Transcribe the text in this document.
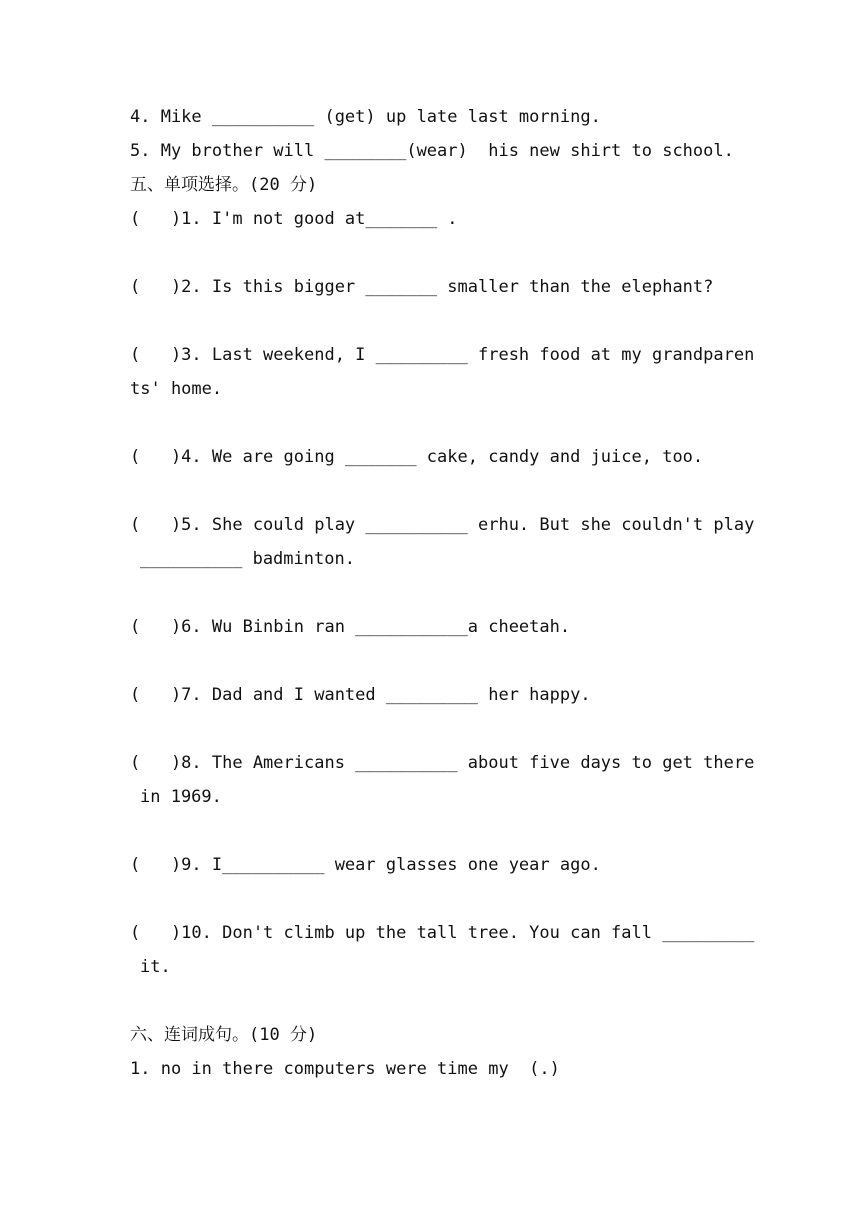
4. Mike __________ (get) up late last morning.
5. My brother will ________(wear)  his new shirt to school.
五、单项选择。(20 分)
(   )1. I'm not good at_______ .

(   )2. Is this bigger _______ smaller than the elephant?

(   )3. Last weekend, I _________ fresh food at my grandparen
ts' home.

(   )4. We are going _______ cake, candy and juice, too.

(   )5. She could play __________ erhu. But she couldn't play
__________ badminton.

(   )6. Wu Binbin ran ___________a cheetah.

(   )7. Dad and I wanted _________ her happy.

(   )8. The Americans __________ about five days to get there
in 1969.

(   )9. I__________ wear glasses one year ago.

(   )10. Don't climb up the tall tree. You can fall _________
it.

六、连词成句。(10 分)
1. no in there computers were time my  (.)
